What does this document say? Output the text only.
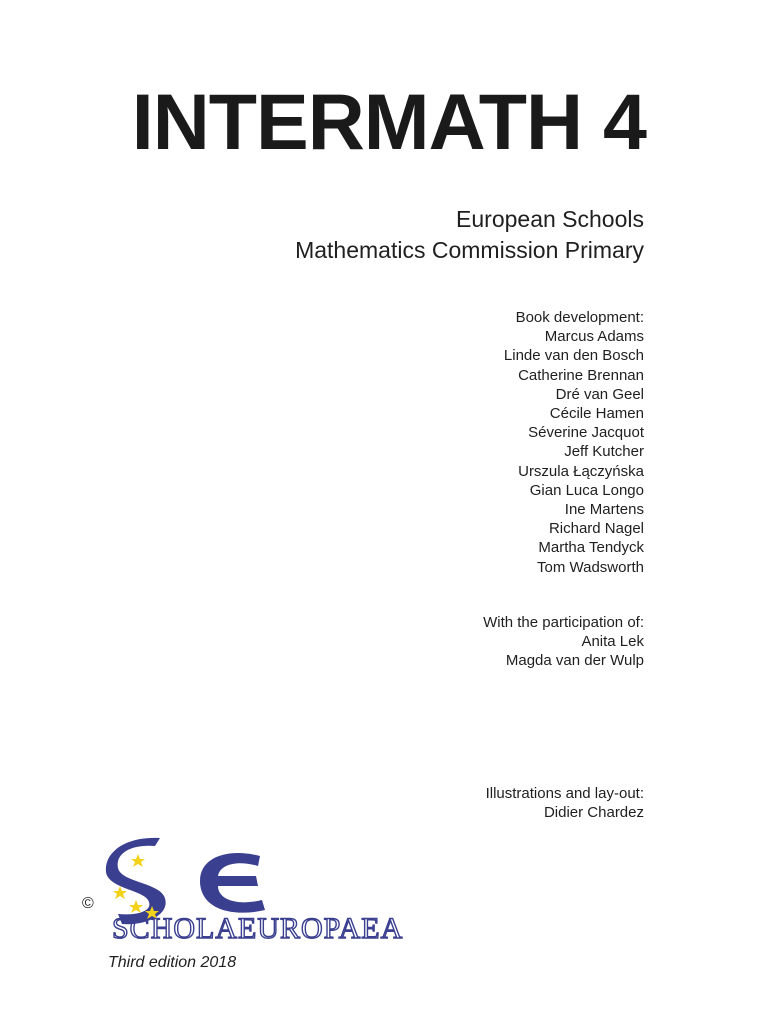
INTERMATH 4
European Schools
Mathematics Commission Primary
Book development:
Marcus Adams
Linde van den Bosch
Catherine Brennan
Dré van Geel
Cécile Hamen
Séverine Jacquot
Jeff Kutcher
Urszula Łączyńska
Gian Luca Longo
Ine Martens
Richard Nagel
Martha Tendyck
Tom Wadsworth
With the participation of:
Anita Lek
Magda van der Wulp
Illustrations and lay-out:
Didier Chardez
©
SCHOLAEUROPAEA
Third edition 2018
